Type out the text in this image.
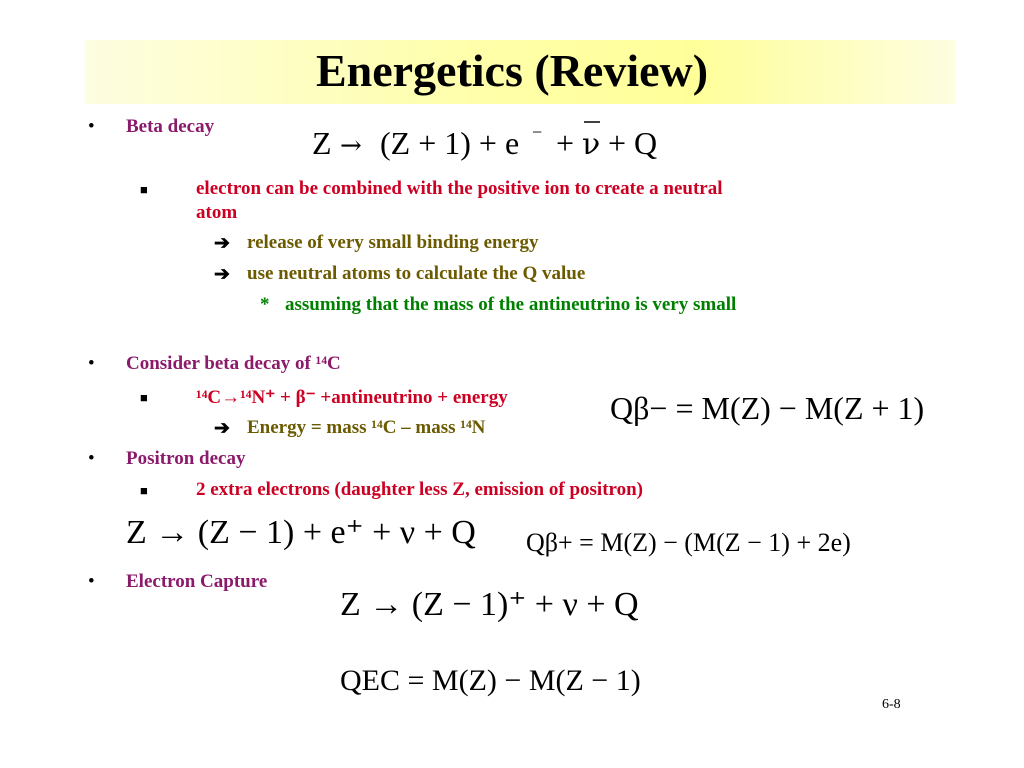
Energetics (Review)
• Beta decay	Z → (Z + 1) + e − + ν + Q
■	electron can be combined with the positive ion to create a neutral
atom
➔ release of very small binding energy
➔ use neutral atoms to calculate the Q value
* assuming that the mass of the antineutrino is very small
• Consider beta decay of ¹⁴C
■	¹⁴C→¹⁴N⁺ + β⁻ +antineutrino + energy
➔ Energy = mass ¹⁴C – mass ¹⁴N
Qβ− = M(Z) − M(Z + 1)
• Positron decay
■	2 extra electrons (daughter less Z, emission of positron)
Z → (Z − 1) + e⁺ + ν + Q Qβ+ = M(Z) − (M(Z − 1) + 2e)
• Electron Capture
Z → (Z − 1)⁺ + ν + Q
QEC = M(Z) − M(Z − 1)
6-8
